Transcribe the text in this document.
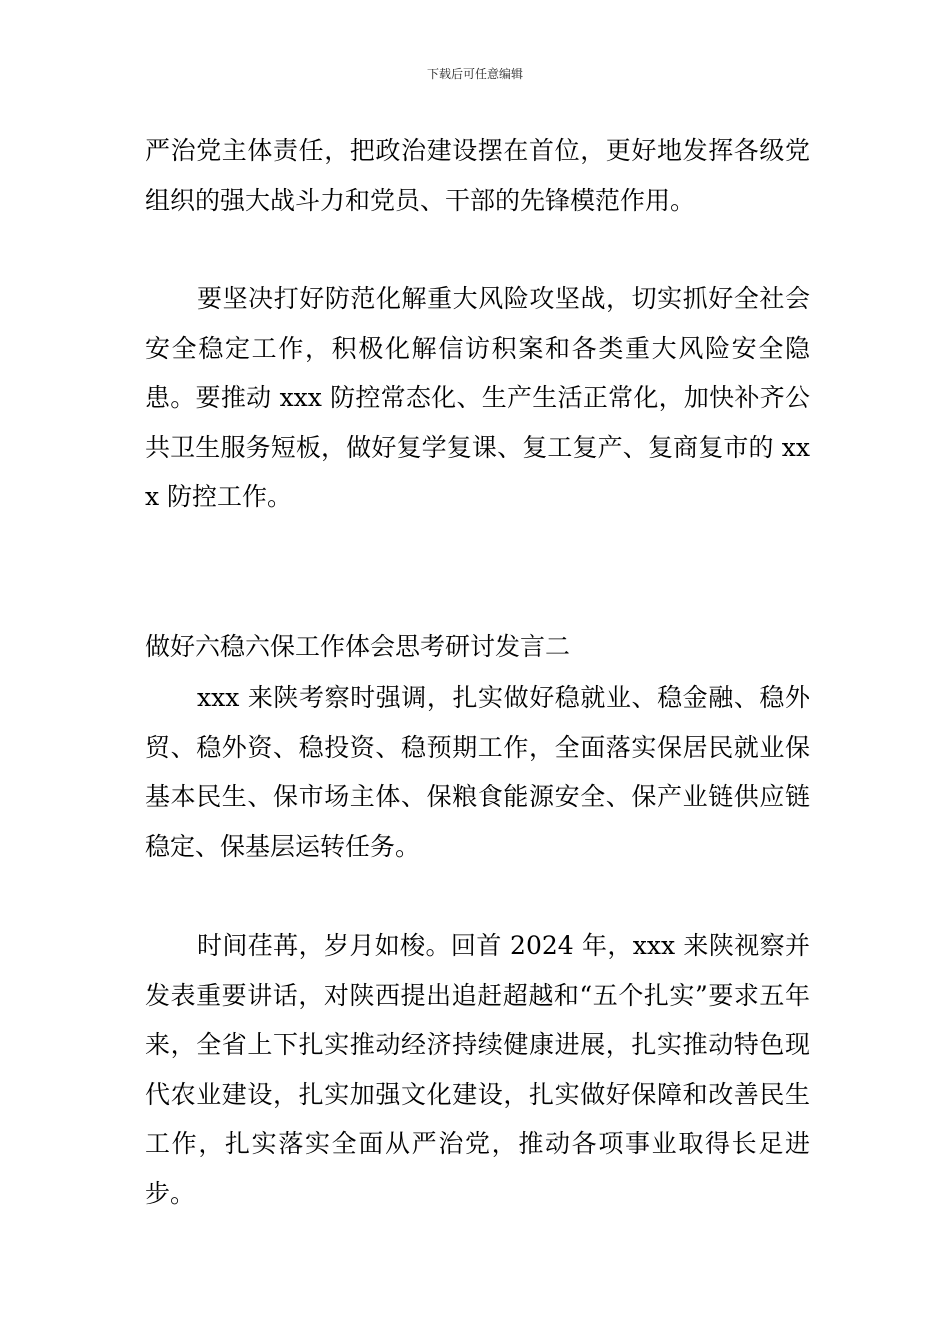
下载后可任意编辑

严治党主体责任，把政治建设摆在首位，更好地发挥各级党组织的强大战斗力和党员、干部的先锋模范作用。

要坚决打好防范化解重大风险攻坚战，切实抓好全社会安全稳定工作，积极化解信访积案和各类重大风险安全隐患。要推动 xxx 防控常态化、生产生活正常化，加快补齐公共卫生服务短板，做好复学复课、复工复产、复商复市的 xxx 防控工作。

做好六稳六保工作体会思考研讨发言二

xxx 来陕考察时强调，扎实做好稳就业、稳金融、稳外贸、稳外资、稳投资、稳预期工作，全面落实保居民就业保基本民生、保市场主体、保粮食能源安全、保产业链供应链稳定、保基层运转任务。

时间荏苒，岁月如梭。回首 2024 年，xxx 来陕视察并发表重要讲话，对陕西提出追赶超越和“五个扎实”要求五年来，全省上下扎实推动经济持续健康进展，扎实推动特色现代农业建设，扎实加强文化建设，扎实做好保障和改善民生工作，扎实落实全面从严治党，推动各项事业取得长足进步。
